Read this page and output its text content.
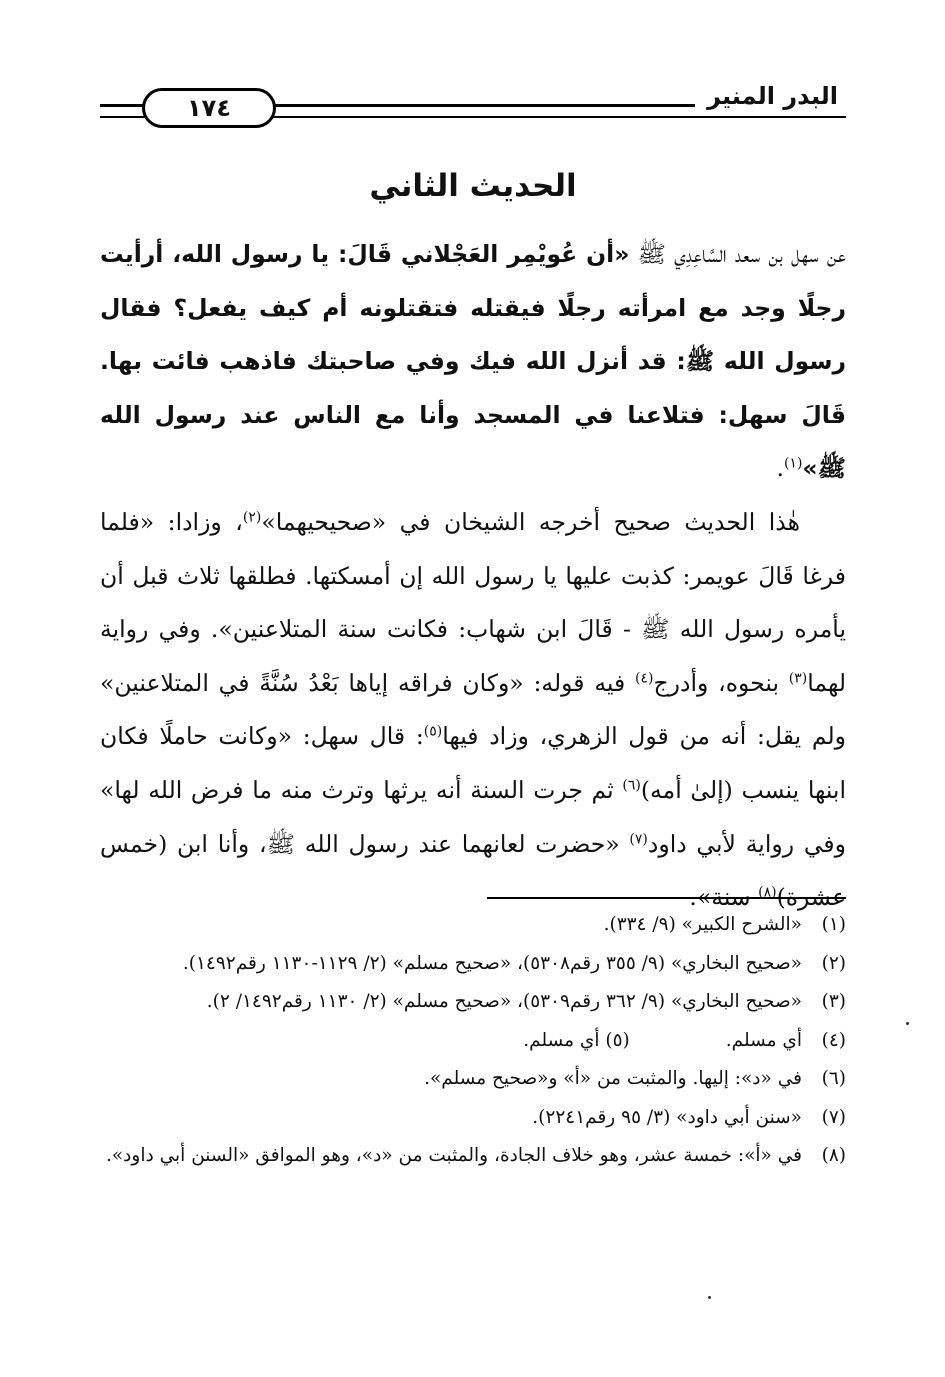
البدر المنير
١٧٤
الحديث الثاني

عن سهل بن سعد السَّاعِدِي ﷺ «أن عُويْمِر العَجْلاني قَالَ: يا رسول الله، أرأيت رجلًا وجد مع امرأته رجلًا فيقتله فتقتلونه أم كيف يفعل؟ فقال رسول الله ﷺ: قد أنزل الله فيك وفي صاحبتك فاذهب فائت بها. قَالَ سهل: فتلاعنا في المسجد وأنا مع الناس عند رسول الله ﷺ»$^{(١)}$.

هٰذا الحديث صحيح أخرجه الشيخان في «صحيحيهما»$^{(٢)}$، وزادا: «فلما فرغا قَالَ عويمر: كذبت عليها يا رسول الله إن أمسكتها. فطلقها ثلاث قبل أن يأمره رسول الله ﷺ - قَالَ ابن شهاب: فكانت سنة المتلاعنين». وفي رواية لهما$^{(٣)}$ بنحوه، وأدرج$^{(٤)}$ فيه قوله: «وكان فراقه إياها بَعْدُ سُنَّةً في المتلاعنين» ولم يقل: أنه من قول الزهري، وزاد فيها$^{(٥)}$: قال سهل: «وكانت حاملًا فكان ابنها ينسب (إلىٰ أمه)$^{(٦)}$ ثم جرت السنة أنه يرثها وترث منه ما فرض الله لها» وفي رواية لأبي داود$^{(٧)}$ «حضرت لعانهما عند رسول الله ﷺ، وأنا ابن (خمس عشرة)$^{(٨)}$ سنة».

(١)
«الشرح الكبير» (٩/ ٣٣٤).
(٢)
«صحيح البخاري» (٩/ ٣٥٥ رقم٥٣٠٨)، «صحيح مسلم» (٢/ ١١٢٩-١١٣٠ رقم١٤٩٢).
(٣)
«صحيح البخاري» (٩/ ٣٦٢ رقم٥٣٠٩)، «صحيح مسلم» (٢/ ١١٣٠ رقم١٤٩٢/ ٢).
(٤)
أي مسلم.(٥) أي مسلم.
(٦)
في «د»: إليها. والمثبت من «أ» و«صحيح مسلم».
(٧)
«سنن أبي داود» (٣/ ٩٥ رقم٢٢٤١).
(٨)
في «أ»: خمسة عشر، وهو خلاف الجادة، والمثبت من «د»، وهو الموافق «السنن أبي داود».
